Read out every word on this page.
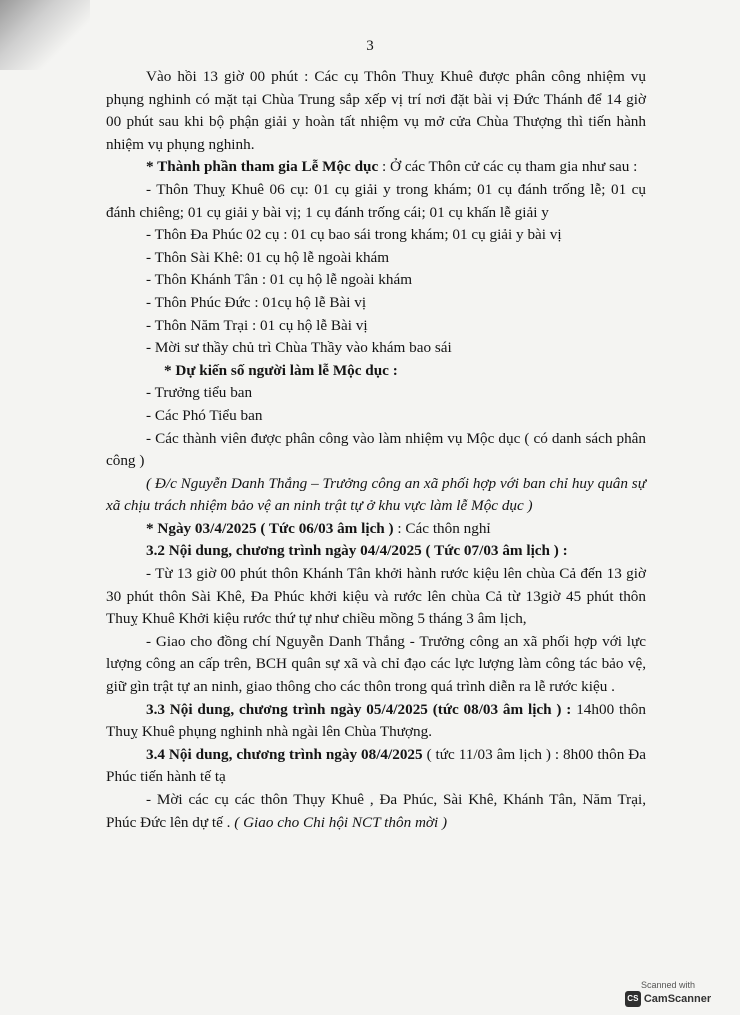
3

Vào hồi 13 giờ 00 phút : Các cụ Thôn Thuỵ Khuê được phân công nhiệm vụ phụng nghinh có mặt tại Chùa Trung sắp xếp vị trí nơi đặt bài vị Đức Thánh để 14 giờ 00 phút sau khi bộ phận giải y hoàn tất nhiệm vụ mở cửa Chùa Thượng thì tiến hành nhiệm vụ phụng nghinh.

* Thành phần tham gia Lễ Mộc dục : Ở các Thôn cử các cụ tham gia như sau :

- Thôn Thuỵ Khuê 06 cụ: 01 cụ giải y trong khám; 01 cụ đánh trống lễ; 01 cụ đánh chiêng; 01 cụ giải y bài vị; 1 cụ đánh trống cái; 01 cụ khấn lễ giải y

- Thôn Đa Phúc 02 cụ : 01 cụ bao sái trong khám; 01 cụ giải y bài vị

- Thôn Sài Khê: 01 cụ hộ lễ ngoài khám

- Thôn Khánh Tân : 01 cụ hộ lễ ngoài khám

- Thôn Phúc Đức : 01cụ hộ lễ Bài vị

- Thôn Năm Trại : 01 cụ hộ lễ Bài vị

- Mời sư thầy chủ trì Chùa Thầy vào khám bao sái

* Dự kiến số người làm lễ Mộc dục :

- Trưởng tiểu ban

- Các Phó Tiểu ban

- Các thành viên được phân công vào làm nhiệm vụ Mộc dục ( có danh sách phân công )

( Đ/c Nguyễn Danh Thắng – Trưởng công an xã phối hợp với ban chỉ huy quân sự xã chịu trách nhiệm bảo vệ an ninh trật tự ở khu vực làm lễ Mộc dục )

* Ngày 03/4/2025 ( Tức 06/03 âm lịch ) : Các thôn nghỉ

3.2 Nội dung, chương trình ngày 04/4/2025 ( Tức 07/03 âm lịch ) :

- Từ 13 giờ 00 phút thôn Khánh Tân khởi hành rước kiệu lên chùa Cả đến 13 giờ 30 phút thôn Sài Khê, Đa Phúc khởi kiệu và rước lên chùa Cả từ 13giờ 45 phút thôn Thuỵ Khuê Khởi kiệu rước thứ tự như chiều mồng 5 tháng 3 âm lịch,

- Giao cho đồng chí Nguyễn Danh Thắng - Trưởng công an xã phối hợp với lực lượng công an cấp trên, BCH quân sự xã và chỉ đạo các lực lượng làm công tác bảo vệ, giữ gìn trật tự an ninh, giao thông cho các thôn trong quá trình diễn ra lễ rước kiệu .

3.3 Nội dung, chương trình ngày 05/4/2025 (tức 08/03 âm lịch ) : 14h00 thôn Thuỵ Khuê phụng nghinh nhà ngài lên Chùa Thượng.

3.4 Nội dung, chương trình ngày 08/4/2025 ( tức 11/03 âm lịch ) : 8h00 thôn Đa Phúc tiến hành tế tạ

- Mời các cụ các thôn Thụy Khuê , Đa Phúc, Sài Khê, Khánh Tân, Năm Trại, Phúc Đức lên dự tế . ( Giao cho Chi hội NCT thôn mời )

Scanned with
CS CamScanner
